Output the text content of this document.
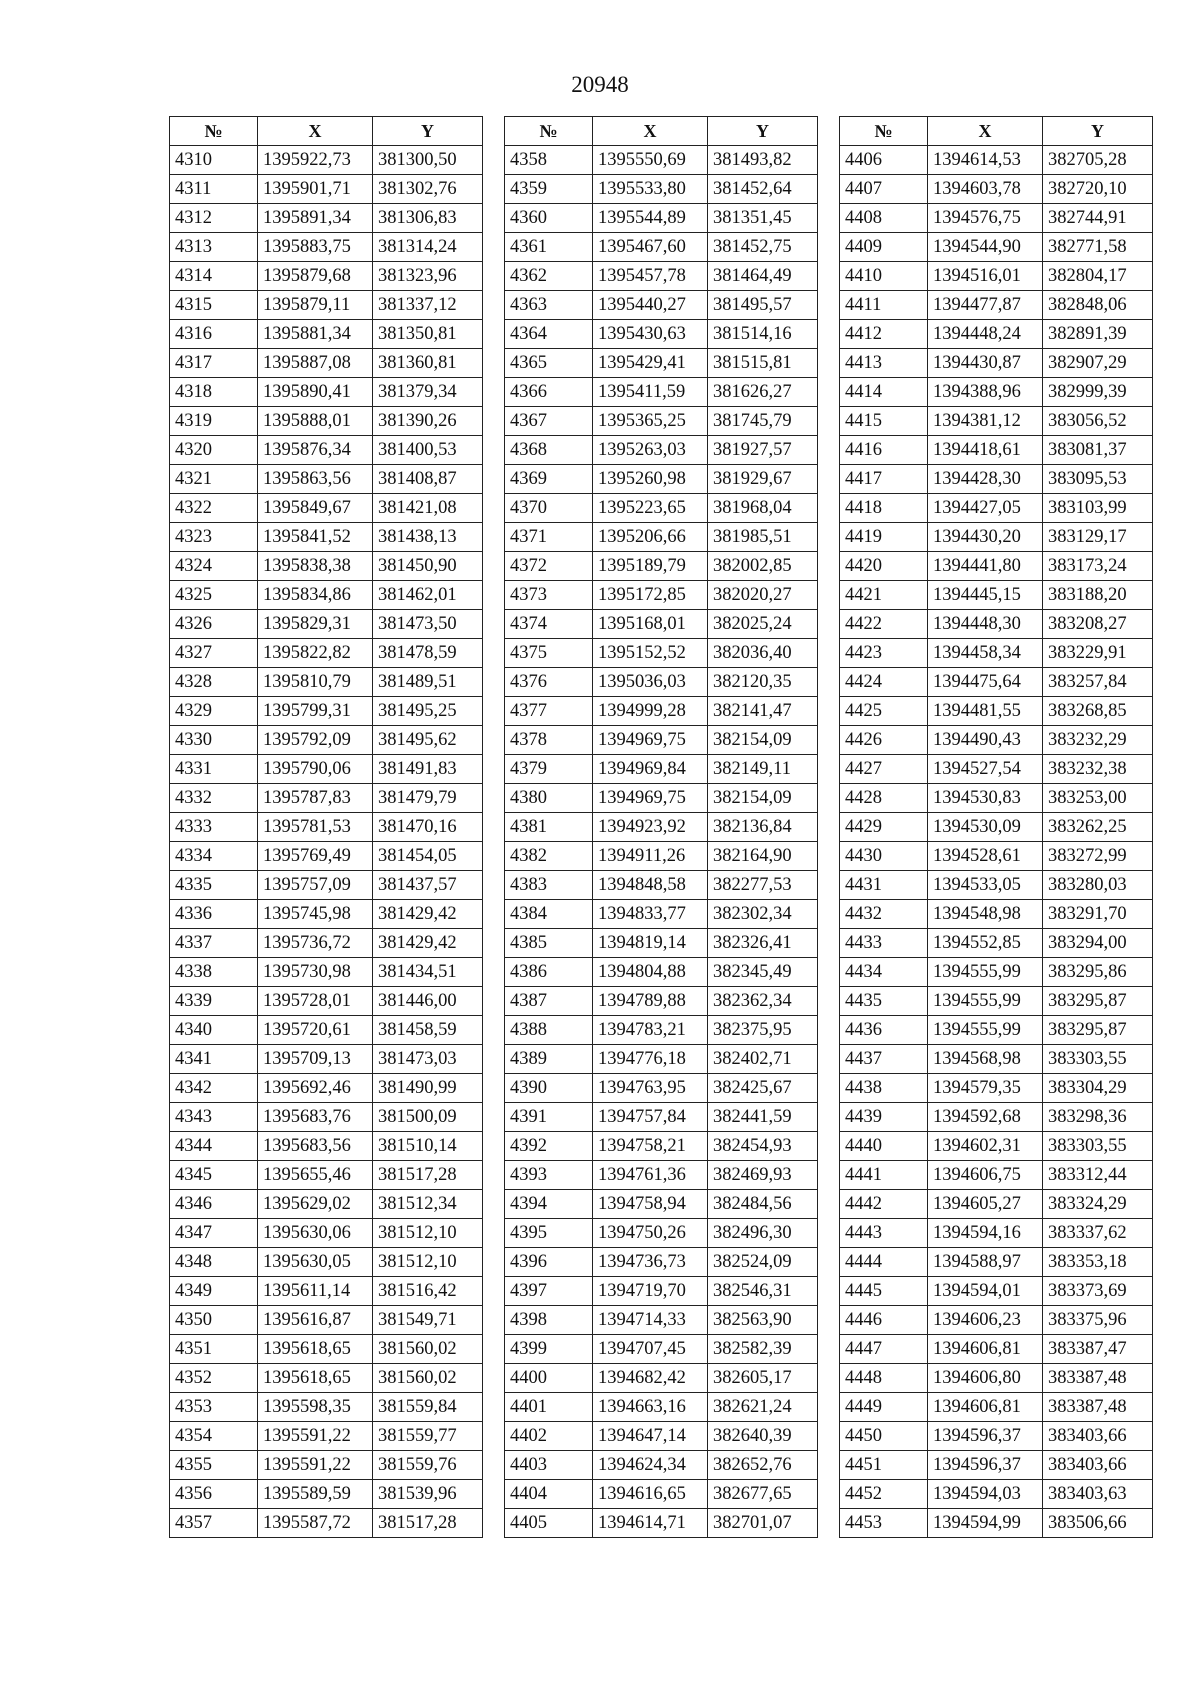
20948
№	X	Y
4310	1395922,73	381300,50
4311	1395901,71	381302,76
4312	1395891,34	381306,83
4313	1395883,75	381314,24
4314	1395879,68	381323,96
4315	1395879,11	381337,12
4316	1395881,34	381350,81
4317	1395887,08	381360,81
4318	1395890,41	381379,34
4319	1395888,01	381390,26
4320	1395876,34	381400,53
4321	1395863,56	381408,87
4322	1395849,67	381421,08
4323	1395841,52	381438,13
4324	1395838,38	381450,90
4325	1395834,86	381462,01
4326	1395829,31	381473,50
4327	1395822,82	381478,59
4328	1395810,79	381489,51
4329	1395799,31	381495,25
4330	1395792,09	381495,62
4331	1395790,06	381491,83
4332	1395787,83	381479,79
4333	1395781,53	381470,16
4334	1395769,49	381454,05
4335	1395757,09	381437,57
4336	1395745,98	381429,42
4337	1395736,72	381429,42
4338	1395730,98	381434,51
4339	1395728,01	381446,00
4340	1395720,61	381458,59
4341	1395709,13	381473,03
4342	1395692,46	381490,99
4343	1395683,76	381500,09
4344	1395683,56	381510,14
4345	1395655,46	381517,28
4346	1395629,02	381512,34
4347	1395630,06	381512,10
4348	1395630,05	381512,10
4349	1395611,14	381516,42
4350	1395616,87	381549,71
4351	1395618,65	381560,02
4352	1395618,65	381560,02
4353	1395598,35	381559,84
4354	1395591,22	381559,77
4355	1395591,22	381559,76
4356	1395589,59	381539,96
4357	1395587,72	381517,28
№	X	Y
4358	1395550,69	381493,82
4359	1395533,80	381452,64
4360	1395544,89	381351,45
4361	1395467,60	381452,75
4362	1395457,78	381464,49
4363	1395440,27	381495,57
4364	1395430,63	381514,16
4365	1395429,41	381515,81
4366	1395411,59	381626,27
4367	1395365,25	381745,79
4368	1395263,03	381927,57
4369	1395260,98	381929,67
4370	1395223,65	381968,04
4371	1395206,66	381985,51
4372	1395189,79	382002,85
4373	1395172,85	382020,27
4374	1395168,01	382025,24
4375	1395152,52	382036,40
4376	1395036,03	382120,35
4377	1394999,28	382141,47
4378	1394969,75	382154,09
4379	1394969,84	382149,11
4380	1394969,75	382154,09
4381	1394923,92	382136,84
4382	1394911,26	382164,90
4383	1394848,58	382277,53
4384	1394833,77	382302,34
4385	1394819,14	382326,41
4386	1394804,88	382345,49
4387	1394789,88	382362,34
4388	1394783,21	382375,95
4389	1394776,18	382402,71
4390	1394763,95	382425,67
4391	1394757,84	382441,59
4392	1394758,21	382454,93
4393	1394761,36	382469,93
4394	1394758,94	382484,56
4395	1394750,26	382496,30
4396	1394736,73	382524,09
4397	1394719,70	382546,31
4398	1394714,33	382563,90
4399	1394707,45	382582,39
4400	1394682,42	382605,17
4401	1394663,16	382621,24
4402	1394647,14	382640,39
4403	1394624,34	382652,76
4404	1394616,65	382677,65
4405	1394614,71	382701,07
№	X	Y
4406	1394614,53	382705,28
4407	1394603,78	382720,10
4408	1394576,75	382744,91
4409	1394544,90	382771,58
4410	1394516,01	382804,17
4411	1394477,87	382848,06
4412	1394448,24	382891,39
4413	1394430,87	382907,29
4414	1394388,96	382999,39
4415	1394381,12	383056,52
4416	1394418,61	383081,37
4417	1394428,30	383095,53
4418	1394427,05	383103,99
4419	1394430,20	383129,17
4420	1394441,80	383173,24
4421	1394445,15	383188,20
4422	1394448,30	383208,27
4423	1394458,34	383229,91
4424	1394475,64	383257,84
4425	1394481,55	383268,85
4426	1394490,43	383232,29
4427	1394527,54	383232,38
4428	1394530,83	383253,00
4429	1394530,09	383262,25
4430	1394528,61	383272,99
4431	1394533,05	383280,03
4432	1394548,98	383291,70
4433	1394552,85	383294,00
4434	1394555,99	383295,86
4435	1394555,99	383295,87
4436	1394555,99	383295,87
4437	1394568,98	383303,55
4438	1394579,35	383304,29
4439	1394592,68	383298,36
4440	1394602,31	383303,55
4441	1394606,75	383312,44
4442	1394605,27	383324,29
4443	1394594,16	383337,62
4444	1394588,97	383353,18
4445	1394594,01	383373,69
4446	1394606,23	383375,96
4447	1394606,81	383387,47
4448	1394606,80	383387,48
4449	1394606,81	383387,48
4450	1394596,37	383403,66
4451	1394596,37	383403,66
4452	1394594,03	383403,63
4453	1394594,99	383506,66
